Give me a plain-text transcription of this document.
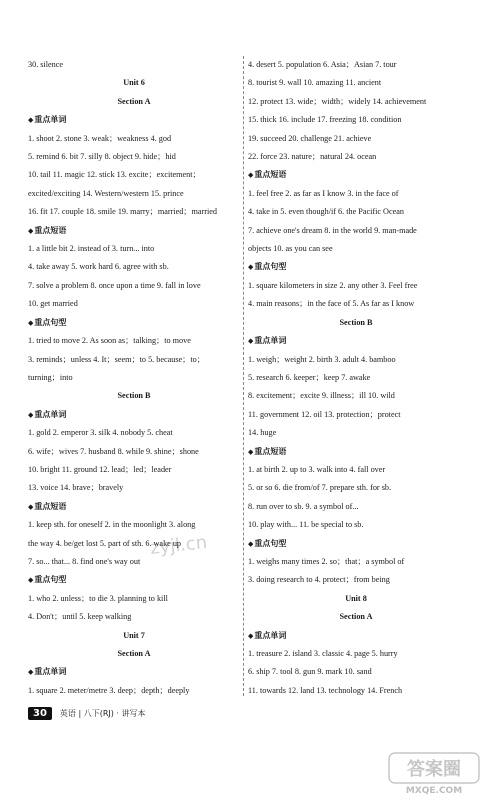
30. silence
Unit 6
Section A
◆重点单词
1. shoot 2. stone 3. weak；weakness 4. god
5. remind 6. bit 7. silly 8. object 9. hide；hid
10. tail 11. magic 12. stick 13. excite；excitement；
excited/exciting 14. Western/western 15. prince
16. fit 17. couple 18. smile 19. marry；married；married
◆重点短语
1. a little bit 2. instead of 3. turn... into
4. take away 5. work hard 6. agree with sb.
7. solve a problem 8. once upon a time 9. fall in love
10. get married
◆重点句型
1. tried to move 2. As soon as；talking；to move
3. reminds；unless 4. It；seem；to 5. because；to；
turning；into
Section B
◆重点单词
1. gold 2. emperor 3. silk 4. nobody 5. cheat
6. wife；wives 7. husband 8. while 9. shine；shone
10. bright 11. ground 12. lead；led；leader
13. voice 14. brave；bravely
◆重点短语
1. keep sth. for oneself 2. in the moonlight 3. along
the way 4. be/get lost 5. part of sth. 6. wake up
7. so... that... 8. find one's way out
◆重点句型
1. who 2. unless；to die 3. planning to kill
4. Don't；until 5. keep walking
Unit 7
Section A
◆重点单词
1. square 2. meter/metre 3. deep；depth；deeply
4. desert 5. population 6. Asia；Asian 7. tour
8. tourist 9. wall 10. amazing 11. ancient
12. protect 13. wide；width；widely 14. achievement
15. thick 16. include 17. freezing 18. condition
19. succeed 20. challenge 21. achieve
22. force 23. nature；natural 24. ocean
◆重点短语
1. feel free 2. as far as I know 3. in the face of
4. take in 5. even though/if 6. the Pacific Ocean
7. achieve one's dream 8. in the world 9. man-made
objects 10. as you can see
◆重点句型
1. square kilometers in size 2. any other 3. Feel free
4. main reasons；in the face of 5. As far as I know
Section B
◆重点单词
1. weigh；weight 2. birth 3. adult 4. bamboo
5. research 6. keeper；keep 7. awake
8. excitement；excite 9. illness；ill 10. wild
11. government 12. oil 13. protection；protect
14. huge
◆重点短语
1. at birth 2. up to 3. walk into 4. fall over
5. or so 6. die from/of 7. prepare sth. for sb.
8. run over to sb. 9. a symbol of...
10. play with... 11. be special to sb.
◆重点句型
1. weighs many times 2. so；that；a symbol of
3. doing research to 4. protect；from being
Unit 8
Section A
◆重点单词
1. treasure 2. island 3. classic 4. page 5. hurry
6. ship 7. tool 8. gun 9. mark 10. sand
11. towards 12. land 13. technology 14. French
30	英语 | 八下(RJ) · 讲写本
zyjl.cn
答案圈
MXQE.COM
